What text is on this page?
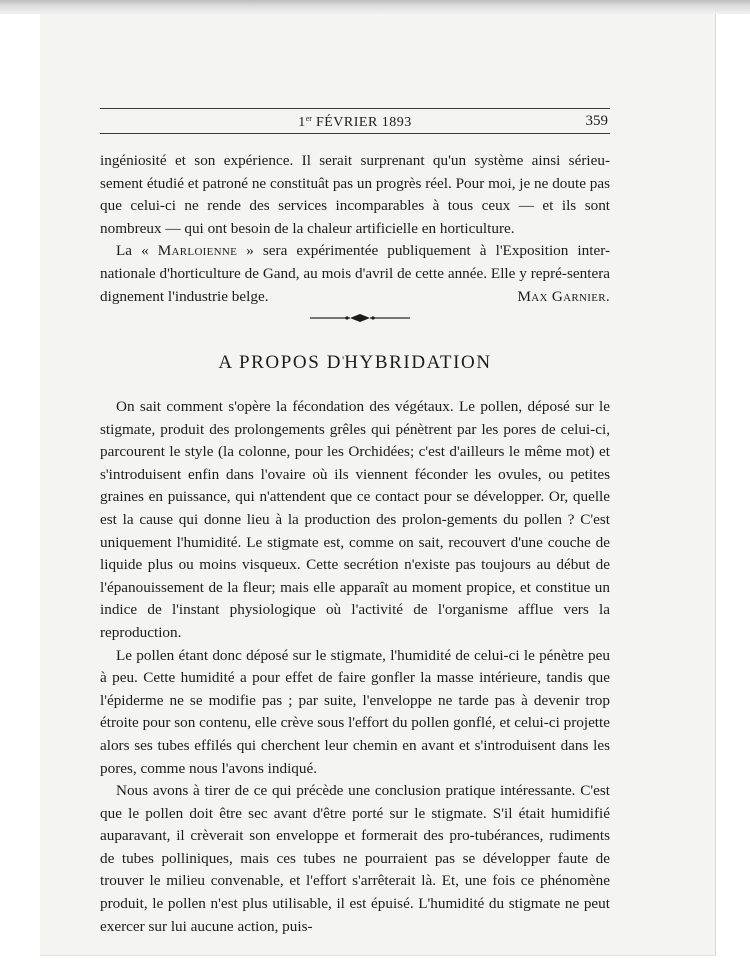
1er FÉVRIER 1893	359

ingéniosité et son expérience. Il serait surprenant qu'un système ainsi sérieu- sement étudié et patroné ne constituât pas un progrès réel. Pour moi, je ne doute pas que celui-ci ne rende des services incomparables à tous ceux — et ils sont nombreux — qui ont besoin de la chaleur artificielle en horticulture.

La « Marloienne » sera expérimentée publiquement à l'Exposition inter-nationale d'horticulture de Gand, au mois d'avril de cette année. Elle y repré-sentera dignement l'industrie belge.	Max Garnier.

A PROPOS D'HYBRIDATION

On sait comment s'opère la fécondation des végétaux. Le pollen, déposé sur le stigmate, produit des prolongements grêles qui pénètrent par les pores de celui-ci, parcourent le style (la colonne, pour les Orchidées; c'est d'ailleurs le même mot) et s'introduisent enfin dans l'ovaire où ils viennent féconder les ovules, ou petites graines en puissance, qui n'attendent que ce contact pour se développer. Or, quelle est la cause qui donne lieu à la production des prolon-gements du pollen ? C'est uniquement l'humidité. Le stigmate est, comme on sait, recouvert d'une couche de liquide plus ou moins visqueux. Cette secrétion n'existe pas toujours au début de l'épanouissement de la fleur; mais elle apparaît au moment propice, et constitue un indice de l'instant physiologique où l'activité de l'organisme afflue vers la reproduction.

Le pollen étant donc déposé sur le stigmate, l'humidité de celui-ci le pénètre peu à peu. Cette humidité a pour effet de faire gonfler la masse intérieure, tandis que l'épiderme ne se modifie pas ; par suite, l'enveloppe ne tarde pas à devenir trop étroite pour son contenu, elle crève sous l'effort du pollen gonflé, et celui-ci projette alors ses tubes effilés qui cherchent leur chemin en avant et s'introduisent dans les pores, comme nous l'avons indiqué.

Nous avons à tirer de ce qui précède une conclusion pratique intéressante. C'est que le pollen doit être sec avant d'être porté sur le stigmate. S'il était humidifié auparavant, il crèverait son enveloppe et formerait des pro-tubérances, rudiments de tubes polliniques, mais ces tubes ne pourraient pas se développer faute de trouver le milieu convenable, et l'effort s'arrêterait là. Et, une fois ce phénomène produit, le pollen n'est plus utilisable, il est épuisé. L'humidité du stigmate ne peut exercer sur lui aucune action, puis-
